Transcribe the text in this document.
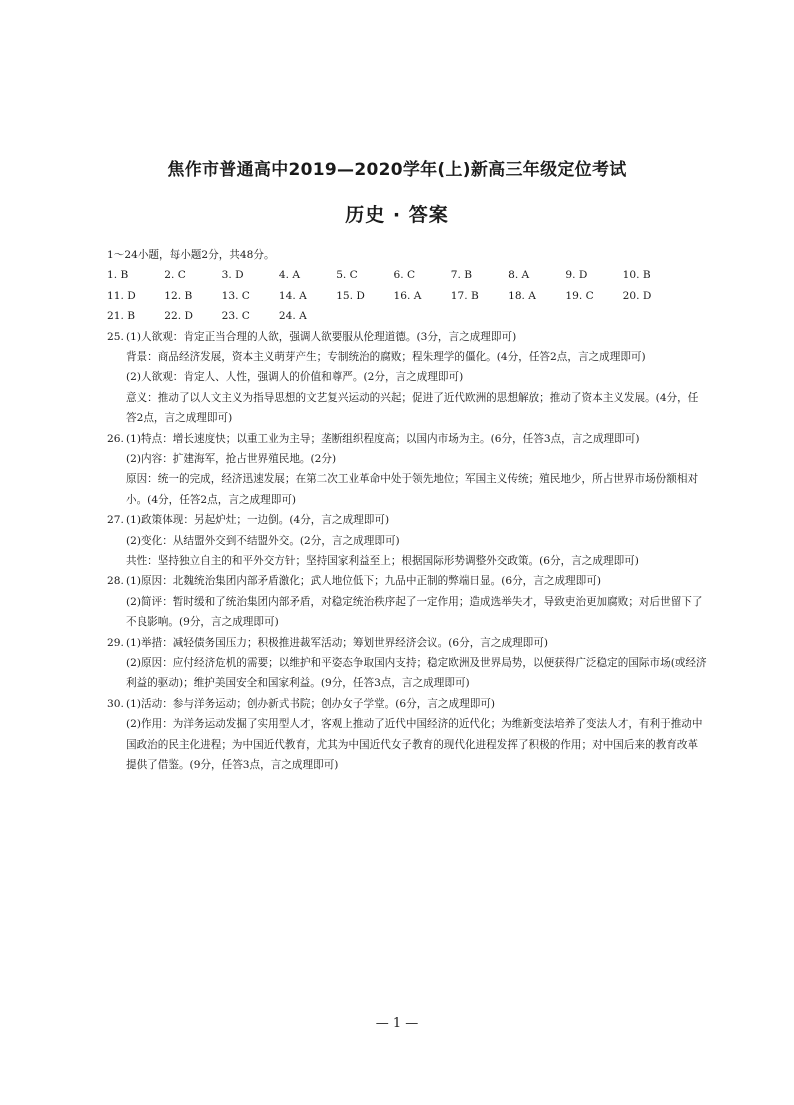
焦作市普通高中2019—2020学年(上)新高三年级定位考试
历史 · 答案
1～24小题，每小题2分，共48分。
1. B	2. C	3. D	4. A	5. C	6. C	7. B	8. A	9. D	10. B
11. D	12. B	13. C	14. A	15. D	16. A	17. B	18. A	19. C	20. D
21. B	22. D	23. C	24. A
25. (1)人欲观：肯定正当合理的人欲，强调人欲要服从伦理道德。(3分，言之成理即可)
背景：商品经济发展，资本主义萌芽产生；专制统治的腐败；程朱理学的僵化。(4分，任答2点，言之成理即可)
(2)人欲观：肯定人、人性，强调人的价值和尊严。(2分，言之成理即可)
意义：推动了以人文主义为指导思想的文艺复兴运动的兴起；促进了近代欧洲的思想解放；推动了资本主义发展。(4分，任答2点，言之成理即可)
26. (1)特点：增长速度快；以重工业为主导；垄断组织程度高；以国内市场为主。(6分，任答3点，言之成理即可)
(2)内容：扩建海军，抢占世界殖民地。(2分)
原因：统一的完成，经济迅速发展；在第二次工业革命中处于领先地位；军国主义传统；殖民地少，所占世界市场份额相对小。(4分，任答2点，言之成理即可)
27. (1)政策体现：另起炉灶；一边倒。(4分，言之成理即可)
(2)变化：从结盟外交到不结盟外交。(2分，言之成理即可)
共性：坚持独立自主的和平外交方针；坚持国家利益至上；根据国际形势调整外交政策。(6分，言之成理即可)
28. (1)原因：北魏统治集团内部矛盾激化；武人地位低下；九品中正制的弊端日显。(6分，言之成理即可)
(2)简评：暂时缓和了统治集团内部矛盾，对稳定统治秩序起了一定作用；造成选举失才，导致吏治更加腐败；对后世留下了不良影响。(9分，言之成理即可)
29. (1)举措：减轻债务国压力；积极推进裁军活动；筹划世界经济会议。(6分，言之成理即可)
(2)原因：应付经济危机的需要；以维护和平姿态争取国内支持；稳定欧洲及世界局势，以便获得广泛稳定的国际市场(或经济利益的驱动)；维护美国安全和国家利益。(9分，任答3点，言之成理即可)
30. (1)活动：参与洋务运动；创办新式书院；创办女子学堂。(6分，言之成理即可)
(2)作用：为洋务运动发掘了实用型人才，客观上推动了近代中国经济的近代化；为维新变法培养了变法人才，有利于推动中国政治的民主化进程；为中国近代教育，尤其为中国近代女子教育的现代化进程发挥了积极的作用；对中国后来的教育改革提供了借鉴。(9分，任答3点，言之成理即可)
— 1 —
